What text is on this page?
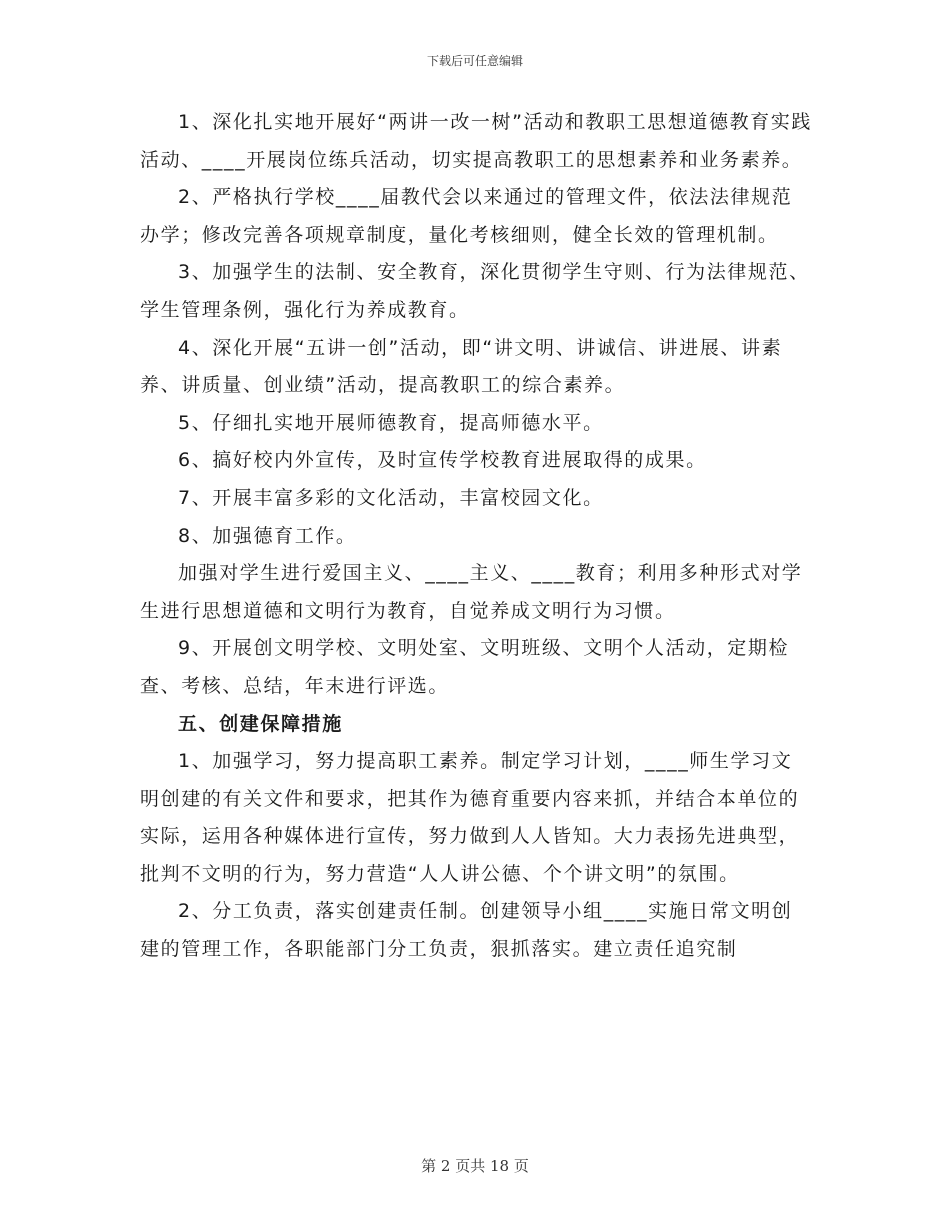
下载后可任意编辑

1、深化扎实地开展好“两讲一改一树”活动和教职工思想道德教育实践活动、____开展岗位练兵活动，切实提高教职工的思想素养和业务素养。

2、严格执行学校____届教代会以来通过的管理文件，依法法律规范办学；修改完善各项规章制度，量化考核细则，健全长效的管理机制。

3、加强学生的法制、安全教育，深化贯彻学生守则、行为法律规范、学生管理条例，强化行为养成教育。

4、深化开展“五讲一创”活动，即“讲文明、讲诚信、讲进展、讲素养、讲质量、创业绩”活动，提高教职工的综合素养。

5、仔细扎实地开展师德教育，提高师德水平。

6、搞好校内外宣传，及时宣传学校教育进展取得的成果。

7、开展丰富多彩的文化活动，丰富校园文化。

8、加强德育工作。

加强对学生进行爱国主义、____主义、____教育；利用多种形式对学生进行思想道德和文明行为教育，自觉养成文明行为习惯。

9、开展创文明学校、文明处室、文明班级、文明个人活动，定期检查、考核、总结，年末进行评选。

五、创建保障措施

1、加强学习，努力提高职工素养。制定学习计划，____师生学习文明创建的有关文件和要求，把其作为德育重要内容来抓，并结合本单位的实际，运用各种媒体进行宣传，努力做到人人皆知。大力表扬先进典型，批判不文明的行为，努力营造“人人讲公德、个个讲文明”的氛围。

2、分工负责，落实创建责任制。创建领导小组____实施日常文明创建的管理工作，各职能部门分工负责，狠抓落实。建立责任追究制

第 2 页共 18 页
